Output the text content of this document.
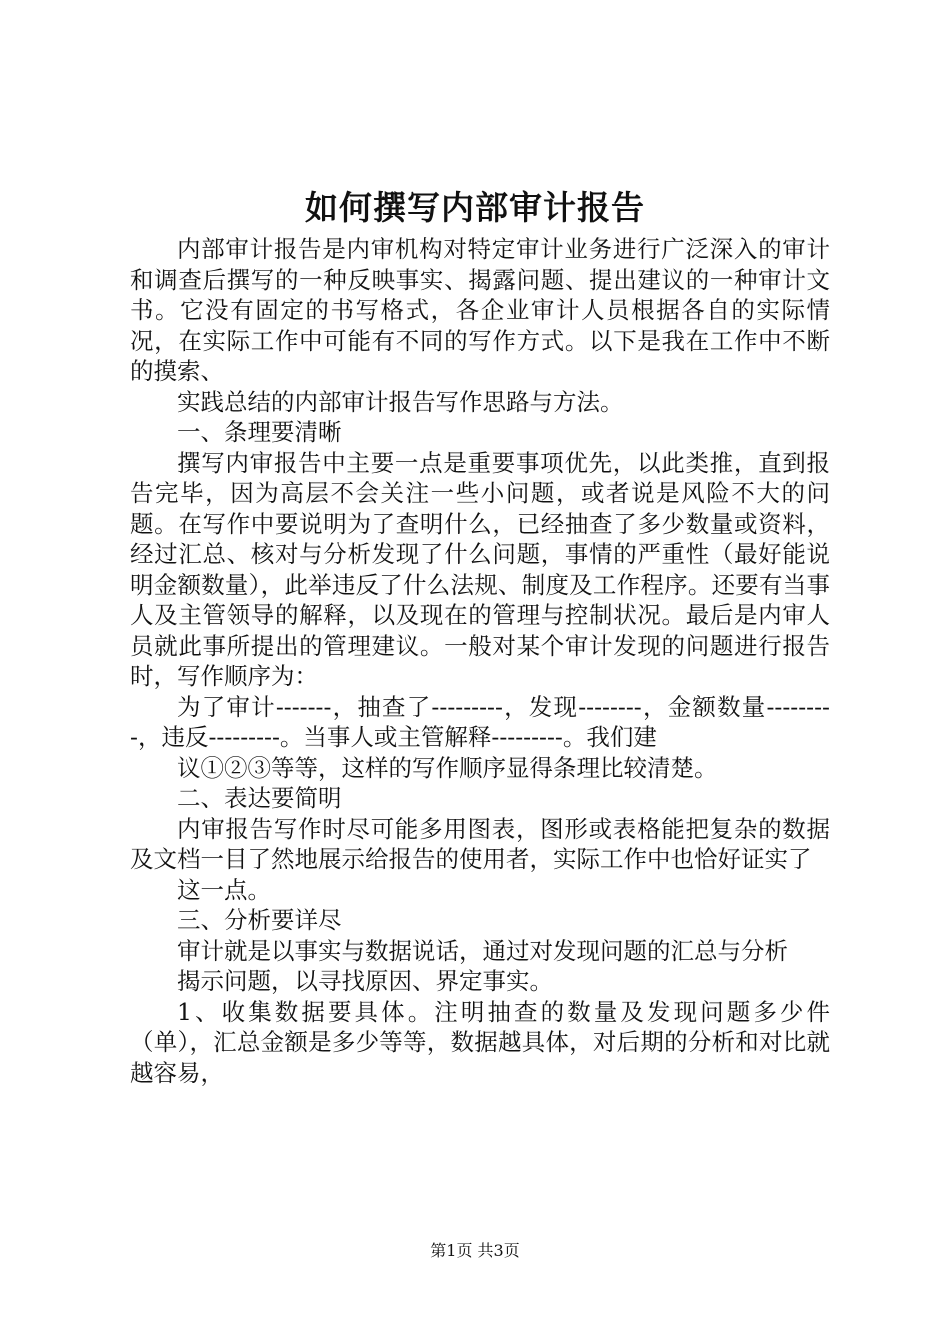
如何撰写内部审计报告

内部审计报告是内审机构对特定审计业务进行广泛深入的审计和调查后撰写的一种反映事实、揭露问题、提出建议的一种审计文书。它没有固定的书写格式，各企业审计人员根据各自的实际情况，在实际工作中可能有不同的写作方式。以下是我在工作中不断的摸索、

实践总结的内部审计报告写作思路与方法。

一、条理要清晰

撰写内审报告中主要一点是重要事项优先，以此类推，直到报告完毕，因为高层不会关注一些小问题，或者说是风险不大的问题。在写作中要说明为了查明什么，已经抽查了多少数量或资料，经过汇总、核对与分析发现了什么问题，事情的严重性（最好能说明金额数量），此举违反了什么法规、制度及工作程序。还要有当事人及主管领导的解释，以及现在的管理与控制状况。最后是内审人员就此事所提出的管理建议。一般对某个审计发现的问题进行报告时，写作顺序为：

为了审计-------，抽查了---------，发现--------，金额数量---------，违反---------。当事人或主管解释---------。我们建

议①②③等等，这样的写作顺序显得条理比较清楚。

二、表达要简明

内审报告写作时尽可能多用图表，图形或表格能把复杂的数据及文档一目了然地展示给报告的使用者，实际工作中也恰好证实了

这一点。

三、分析要详尽

审计就是以事实与数据说话，通过对发现问题的汇总与分析

揭示问题，以寻找原因、界定事实。

1、收集数据要具体。注明抽查的数量及发现问题多少件（单），汇总金额是多少等等，数据越具体，对后期的分析和对比就越容易，

第1页 共3页
